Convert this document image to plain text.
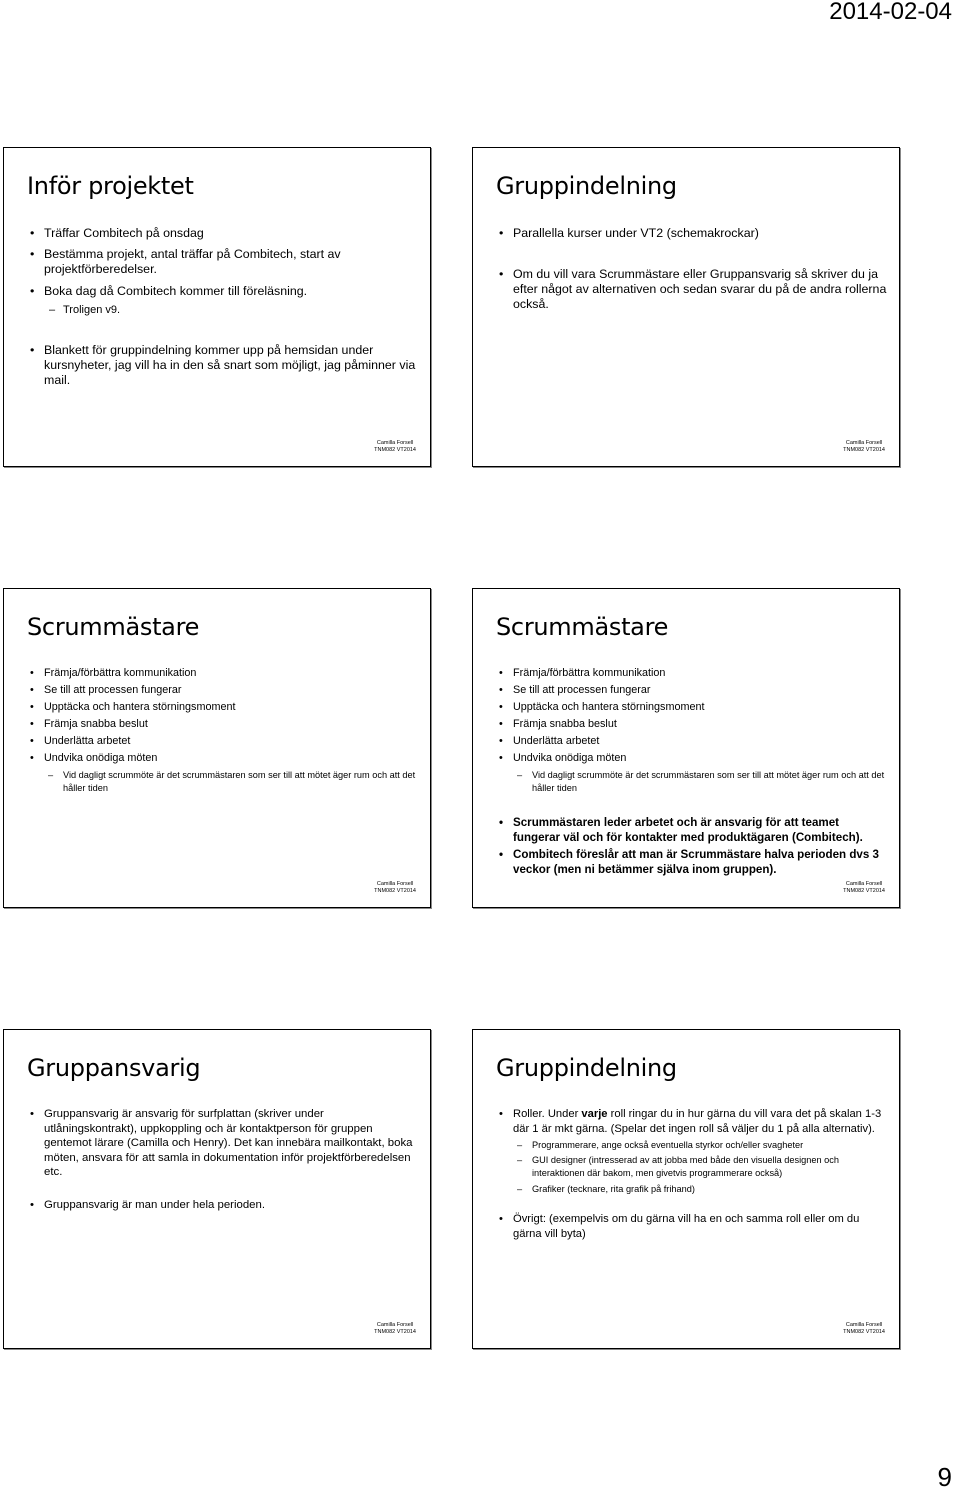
2014-02-04
Inför projektet

• Träffar Combitech på onsdag

• Bestämma projekt, antal träffar på Combitech, start av projektförberedelser.

• Boka dag då Combitech kommer till föreläsning.

– Troligen v9.

• Blankett för gruppindelning kommer upp på hemsidan under kursnyheter, jag vill ha in den så snart som möjligt, jag påminner via mail.

Camilla Forsell
TNM082 VT2014
Gruppindelning

• Parallella kurser under VT2 (schemakrockar)

• Om du vill vara Scrummästare eller Gruppansvarig så skriver du ja efter något av alternativen och sedan svarar du på de andra rollerna också.

Camilla Forsell
TNM082 VT2014
Scrummästare

• Främja/förbättra kommunikation

• Se till att processen fungerar

• Upptäcka och hantera störningsmoment

• Främja snabba beslut

• Underlätta arbetet

• Undvika onödiga möten

– Vid dagligt scrummöte är det scrummästaren som ser till att mötet äger rum och att det håller tiden

Camilla Forsell
TNM082 VT2014
Scrummästare

• Främja/förbättra kommunikation

• Se till att processen fungerar

• Upptäcka och hantera störningsmoment

• Främja snabba beslut

• Underlätta arbetet

• Undvika onödiga möten

– Vid dagligt scrummöte är det scrummästaren som ser till att mötet äger rum och att det håller tiden

• Scrummästaren leder arbetet och är ansvarig för att teamet fungerar väl och för kontakter med produktägaren (Combitech).

• Combitech föreslår att man är Scrummästare halva perioden dvs 3 veckor (men ni betämmer själva inom gruppen).

Camilla Forsell
TNM082 VT2014
Gruppansvarig

• Gruppansvarig är ansvarig för surfplattan (skriver under utlåningskontrakt), uppkoppling och är kontaktperson för gruppen gentemot lärare (Camilla och Henry). Det kan innebära mailkontakt, boka möten, ansvara för att samla in dokumentation inför projektförberedelsen etc.

• Gruppansvarig är man under hela perioden.

Camilla Forsell
TNM082 VT2014
Gruppindelning

• Roller. Under varje roll ringar du in hur gärna du vill vara det på skalan 1-3 där 1 är mkt gärna. (Spelar det ingen roll så väljer du 1 på alla alternativ).

– Programmerare, ange också eventuella styrkor och/eller svagheter

– GUI designer (intresserad av att jobba med både den visuella designen och interaktionen där bakom, men givetvis programmerare också)

– Grafiker (tecknare, rita grafik på frihand)

• Övrigt: (exempelvis om du gärna vill ha en och samma roll eller om du gärna vill byta)

Camilla Forsell
TNM082 VT2014
9
